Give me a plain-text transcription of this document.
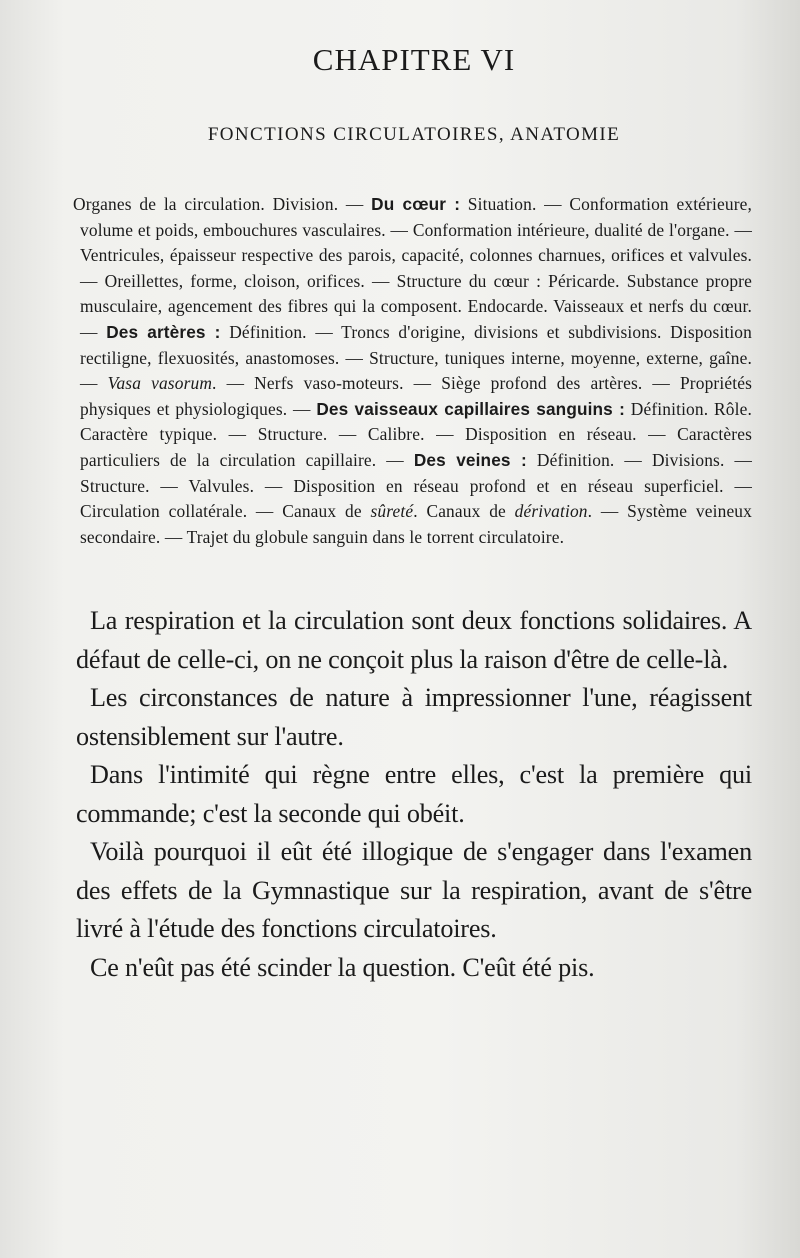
CHAPITRE VI
FONCTIONS CIRCULATOIRES, ANATOMIE
Organes de la circulation. Division. — Du cœur : Situation. — Conformation extérieure, volume et poids, embouchures vasculaires. — Conformation intérieure, dualité de l'organe. — Ventricules, épaisseur respective des parois, capacité, colonnes charnues, orifices et valvules. — Oreillettes, forme, cloison, orifices. — Structure du cœur : Péricarde. Substance propre musculaire, agencement des fibres qui la composent. Endocarde. Vaisseaux et nerfs du cœur. — Des artères : Définition. — Troncs d'origine, divisions et subdivisions. Disposition rectiligne, flexuosités, anastomoses. — Structure, tuniques interne, moyenne, externe, gaîne. — Vasa vasorum. — Nerfs vaso-moteurs. — Siège profond des artères. — Propriétés physiques et physiologiques. — Des vaisseaux capillaires sanguins : Définition. Rôle. Caractère typique. — Structure. — Calibre. — Disposition en réseau. — Caractères particuliers de la circulation capillaire. — Des veines : Définition. — Divisions. — Structure. — Valvules. — Disposition en réseau profond et en réseau superficiel. — Circulation collatérale. — Canaux de sûreté. Canaux de dérivation. — Système veineux secondaire. — Trajet du globule sanguin dans le torrent circulatoire.

La respiration et la circulation sont deux fonctions solidaires. A défaut de celle-ci, on ne conçoit plus la raison d'être de celle-là.

Les circonstances de nature à impressionner l'une, réagissent ostensiblement sur l'autre.

Dans l'intimité qui règne entre elles, c'est la première qui commande; c'est la seconde qui obéit.

Voilà pourquoi il eût été illogique de s'engager dans l'examen des effets de la Gymnastique sur la respiration, avant de s'être livré à l'étude des fonctions circulatoires.

Ce n'eût pas été scinder la question. C'eût été pis.
